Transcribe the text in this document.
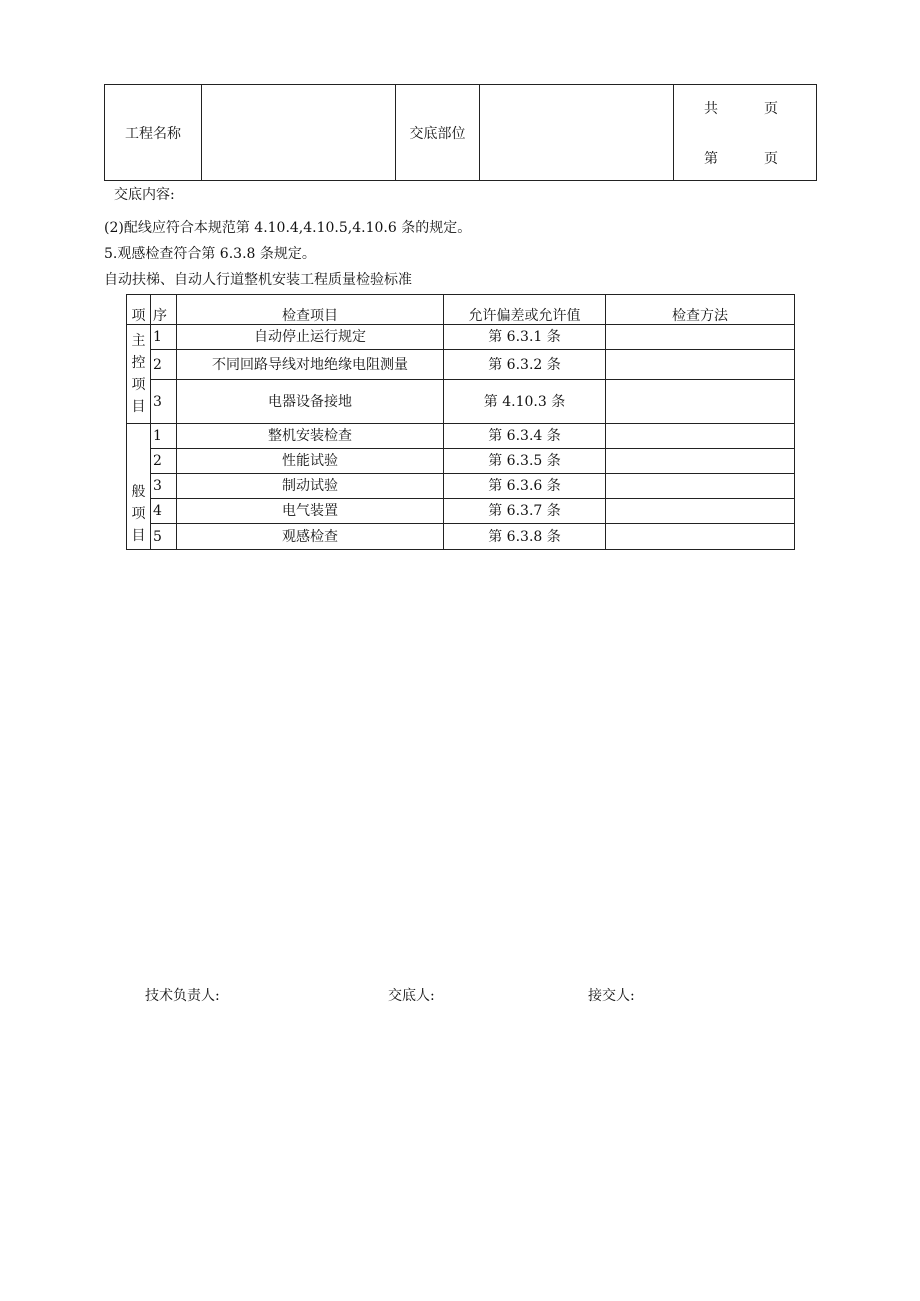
工程名称		交底部位		
共	页
第	页
交底内容:
(2)配线应符合本规范第 4.10.4,4.10.5,4.10.6 条的规定。
5.观感检查符合第 6.3.8 条规定。
自动扶梯、自动人行道整机安装工程质量检验标准
项	序	检查项目	允许偏差或允许值	检查方法

主
控
项
目	1	自动停止运行规定	第 6.3.1 条	
	2	不同回路导线对地绝缘电阻测量	第 6.3.2 条	
	3	电器设备接地	第 4.10.3 条	

般
项
目	1	整机安装检查	第 6.3.4 条	
	2	性能试验	第 6.3.5 条	
	3	制动试验	第 6.3.6 条	
	4	电气装置	第 6.3.7 条	
	5	观感检查	第 6.3.8 条	
技术负责人:	交底人:	接交人:
